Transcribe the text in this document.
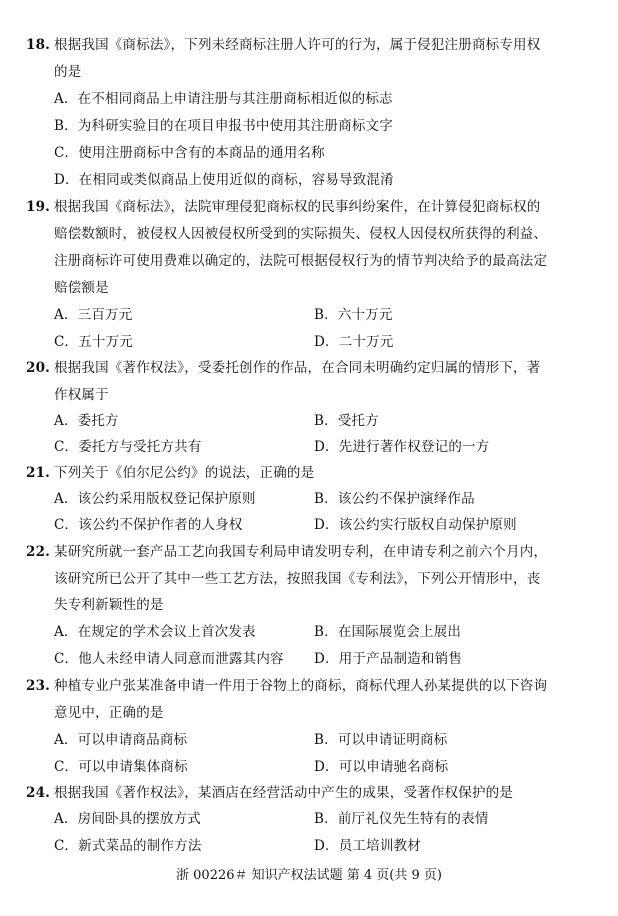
18. 根据我国《商标法》，下列未经商标注册人许可的行为，属于侵犯注册商标专用权
的是
A．在不相同商品上申请注册与其注册商标相近似的标志
B．为科研实验目的在项目申报书中使用其注册商标文字
C．使用注册商标中含有的本商品的通用名称
D．在相同或类似商品上使用近似的商标，容易导致混淆
19. 根据我国《商标法》，法院审理侵犯商标权的民事纠纷案件，在计算侵犯商标权的
赔偿数额时，被侵权人因被侵权所受到的实际损失、侵权人因侵权所获得的利益、
注册商标许可使用费难以确定的，法院可根据侵权行为的情节判决给予的最高法定
赔偿额是
A．三百万元	B．六十万元
C．五十万元	D．二十万元
20. 根据我国《著作权法》，受委托创作的作品，在合同未明确约定归属的情形下，著
作权属于
A．委托方	B．受托方
C．委托方与受托方共有	D．先进行著作权登记的一方
21. 下列关于《伯尔尼公约》的说法，正确的是
A．该公约采用版权登记保护原则	B．该公约不保护演绎作品
C．该公约不保护作者的人身权	D．该公约实行版权自动保护原则
22. 某研究所就一套产品工艺向我国专利局申请发明专利，在申请专利之前六个月内，
该研究所已公开了其中一些工艺方法，按照我国《专利法》，下列公开情形中，丧
失专利新颖性的是
A．在规定的学术会议上首次发表	B．在国际展览会上展出
C．他人未经申请人同意而泄露其内容 D．用于产品制造和销售
23. 种植专业户张某准备申请一件用于谷物上的商标，商标代理人孙某提供的以下咨询
意见中，正确的是
A．可以申请商品商标	B．可以申请证明商标
C．可以申请集体商标	D．可以申请驰名商标
24. 根据我国《著作权法》，某酒店在经营活动中产生的成果，受著作权保护的是
A．房间卧具的摆放方式	B．前厅礼仪先生特有的表情
C．新式菜品的制作方法	D．员工培训教材
浙 00226＃ 知识产权法试题 第 4 页(共 9 页)
